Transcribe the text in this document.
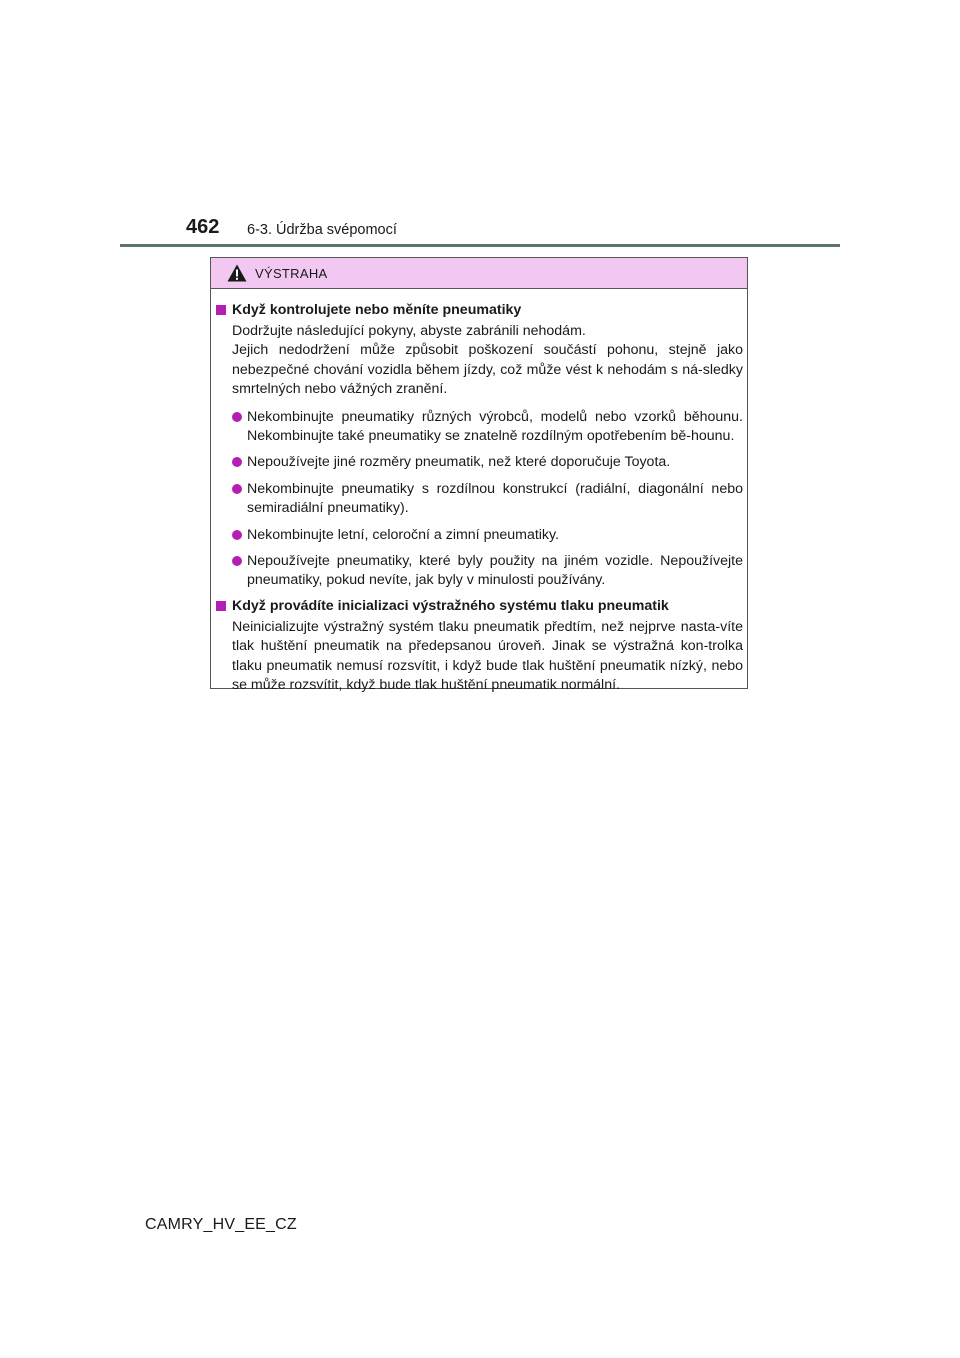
462 6-3. Údržba svépomocí
VÝSTRAHA
Když kontrolujete nebo měníte pneumatiky
Dodržujte následující pokyny, abyste zabránili nehodám.
Jejich nedodržení může způsobit poškození součástí pohonu, stejně jako nebezpečné chování vozidla během jízdy, což může vést k nehodám s ná-sledky smrtelných nebo vážných zranění.
Nekombinujte pneumatiky různých výrobců, modelů nebo vzorků běhounu. Nekombinujte také pneumatiky se znatelně rozdílným opotřebením bě-hounu.
Nepoužívejte jiné rozměry pneumatik, než které doporučuje Toyota.
Nekombinujte pneumatiky s rozdílnou konstrukcí (radiální, diagonální nebo semiradiální pneumatiky).
Nekombinujte letní, celoroční a zimní pneumatiky.
Nepoužívejte pneumatiky, které byly použity na jiném vozidle. Nepoužívejte pneumatiky, pokud nevíte, jak byly v minulosti používány.
Když provádíte inicializaci výstražného systému tlaku pneumatik
Neinicializujte výstražný systém tlaku pneumatik předtím, než nejprve nasta-víte tlak huštění pneumatik na předepsanou úroveň. Jinak se výstražná kon-trolka tlaku pneumatik nemusí rozsvítit, i když bude tlak huštění pneumatik nízký, nebo se může rozsvítit, když bude tlak huštění pneumatik normální.
CAMRY_HV_EE_CZ
